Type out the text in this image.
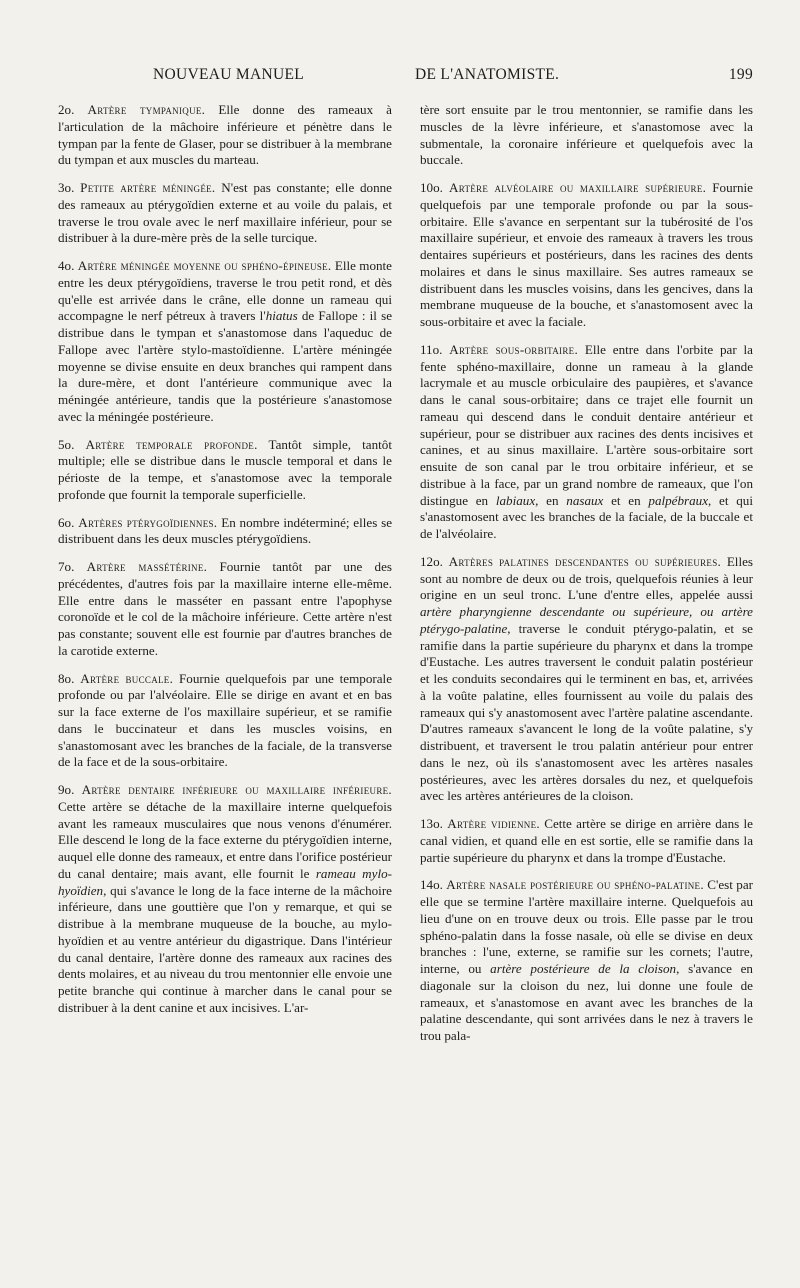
NOUVEAU MANUEL	DE L'ANATOMISTE.	199

2o. Artère tympanique. Elle donne des rameaux à l'articulation de la mâchoire inférieure et pénètre dans le tympan par la fente de Glaser, pour se distribuer à la membrane du tympan et aux muscles du marteau.

3o. Petite artère méningée. N'est pas constante; elle donne des rameaux au ptérygoïdien externe et au voile du palais, et traverse le trou ovale avec le nerf maxillaire inférieur, pour se distribuer à la dure-mère près de la selle turcique.

4o. Artère méningée moyenne ou sphéno-épineuse. Elle monte entre les deux ptérygoïdiens, traverse le trou petit rond, et dès qu'elle est arrivée dans le crâne, elle donne un rameau qui accompagne le nerf pétreux à travers l'hiatus de Fallope : il se distribue dans le tympan et s'anastomose dans l'aqueduc de Fallope avec l'artère stylo-mastoïdienne. L'artère méningée moyenne se divise ensuite en deux branches qui rampent dans la dure-mère, et dont l'antérieure communique avec la méningée antérieure, tandis que la postérieure s'anastomose avec la méningée postérieure.

5o. Artère temporale profonde. Tantôt simple, tantôt multiple; elle se distribue dans le muscle temporal et dans le périoste de la tempe, et s'anastomose avec la temporale profonde que fournit la temporale superficielle.

6o. Artères ptérygoïdiennes. En nombre indéterminé; elles se distribuent dans les deux muscles ptérygoïdiens.

7o. Artère massétérine. Fournie tantôt par une des précédentes, d'autres fois par la maxillaire interne elle-même. Elle entre dans le masséter en passant entre l'apophyse coronoïde et le col de la mâchoire inférieure. Cette artère n'est pas constante; souvent elle est fournie par d'autres branches de la carotide externe.

8o. Artère buccale. Fournie quelquefois par une temporale profonde ou par l'alvéolaire. Elle se dirige en avant et en bas sur la face externe de l'os maxillaire supérieur, et se ramifie dans le buccinateur et dans les muscles voisins, en s'anastomosant avec les branches de la faciale, de la transverse de la face et de la sous-orbitaire.

9o. Artère dentaire inférieure ou maxillaire inférieure. Cette artère se détache de la maxillaire interne quelquefois avant les rameaux musculaires que nous venons d'énumérer. Elle descend le long de la face externe du ptérygoïdien interne, auquel elle donne des rameaux, et entre dans l'orifice postérieur du canal dentaire; mais avant, elle fournit le rameau mylo-hyoïdien, qui s'avance le long de la face interne de la mâchoire inférieure, dans une gouttière que l'on y remarque, et qui se distribue à la membrane muqueuse de la bouche, au mylo-hyoïdien et au ventre antérieur du digastrique. Dans l'intérieur du canal dentaire, l'artère donne des rameaux aux racines des dents molaires, et au niveau du trou mentonnier elle envoie une petite branche qui continue à marcher dans le canal pour se distribuer à la dent canine et aux incisives. L'ar-

tère sort ensuite par le trou mentonnier, se ramifie dans les muscles de la lèvre inférieure, et s'anastomose avec la submentale, la coronaire inférieure et quelquefois avec la buccale.

10o. Artère alvéolaire ou maxillaire supérieure. Fournie quelquefois par une temporale profonde ou par la sous-orbitaire. Elle s'avance en serpentant sur la tubérosité de l'os maxillaire supérieur, et envoie des rameaux à travers les trous dentaires supérieurs et postérieurs, dans les racines des dents molaires et dans le sinus maxillaire. Ses autres rameaux se distribuent dans les muscles voisins, dans les gencives, dans la membrane muqueuse de la bouche, et s'anastomosent avec la sous-orbitaire et avec la faciale.

11o. Artère sous-orbitaire. Elle entre dans l'orbite par la fente sphéno-maxillaire, donne un rameau à la glande lacrymale et au muscle orbiculaire des paupières, et s'avance dans le canal sous-orbitaire; dans ce trajet elle fournit un rameau qui descend dans le conduit dentaire antérieur et supérieur, pour se distribuer aux racines des dents incisives et canines, et au sinus maxillaire. L'artère sous-orbitaire sort ensuite de son canal par le trou orbitaire inférieur, et se distribue à la face, par un grand nombre de rameaux, que l'on distingue en labiaux, en nasaux et en palpébraux, et qui s'anastomosent avec les branches de la faciale, de la buccale et de l'alvéolaire.

12o. Artères palatines descendantes ou supérieures. Elles sont au nombre de deux ou de trois, quelquefois réunies à leur origine en un seul tronc. L'une d'entre elles, appelée aussi artère pharyngienne descendante ou supérieure, ou artère ptérygo-palatine, traverse le conduit ptérygo-palatin, et se ramifie dans la partie supérieure du pharynx et dans la trompe d'Eustache. Les autres traversent le conduit palatin postérieur et les conduits secondaires qui le terminent en bas, et, arrivées à la voûte palatine, elles fournissent au voile du palais des rameaux qui s'y anastomosent avec l'artère palatine ascendante. D'autres rameaux s'avancent le long de la voûte palatine, s'y distribuent, et traversent le trou palatin antérieur pour entrer dans le nez, où ils s'anastomosent avec les artères nasales postérieures, avec les artères dorsales du nez, et quelquefois avec les artères antérieures de la cloison.

13o. Artère vidienne. Cette artère se dirige en arrière dans le canal vidien, et quand elle en est sortie, elle se ramifie dans la partie supérieure du pharynx et dans la trompe d'Eustache.

14o. Artère nasale postérieure ou sphéno-palatine. C'est par elle que se termine l'artère maxillaire interne. Quelquefois au lieu d'une on en trouve deux ou trois. Elle passe par le trou sphéno-palatin dans la fosse nasale, où elle se divise en deux branches : l'une, externe, se ramifie sur les cornets; l'autre, interne, ou artère postérieure de la cloison, s'avance en diagonale sur la cloison du nez, lui donne une foule de rameaux, et s'anastomose en avant avec les branches de la palatine descendante, qui sont arrivées dans le nez à travers le trou pala-
